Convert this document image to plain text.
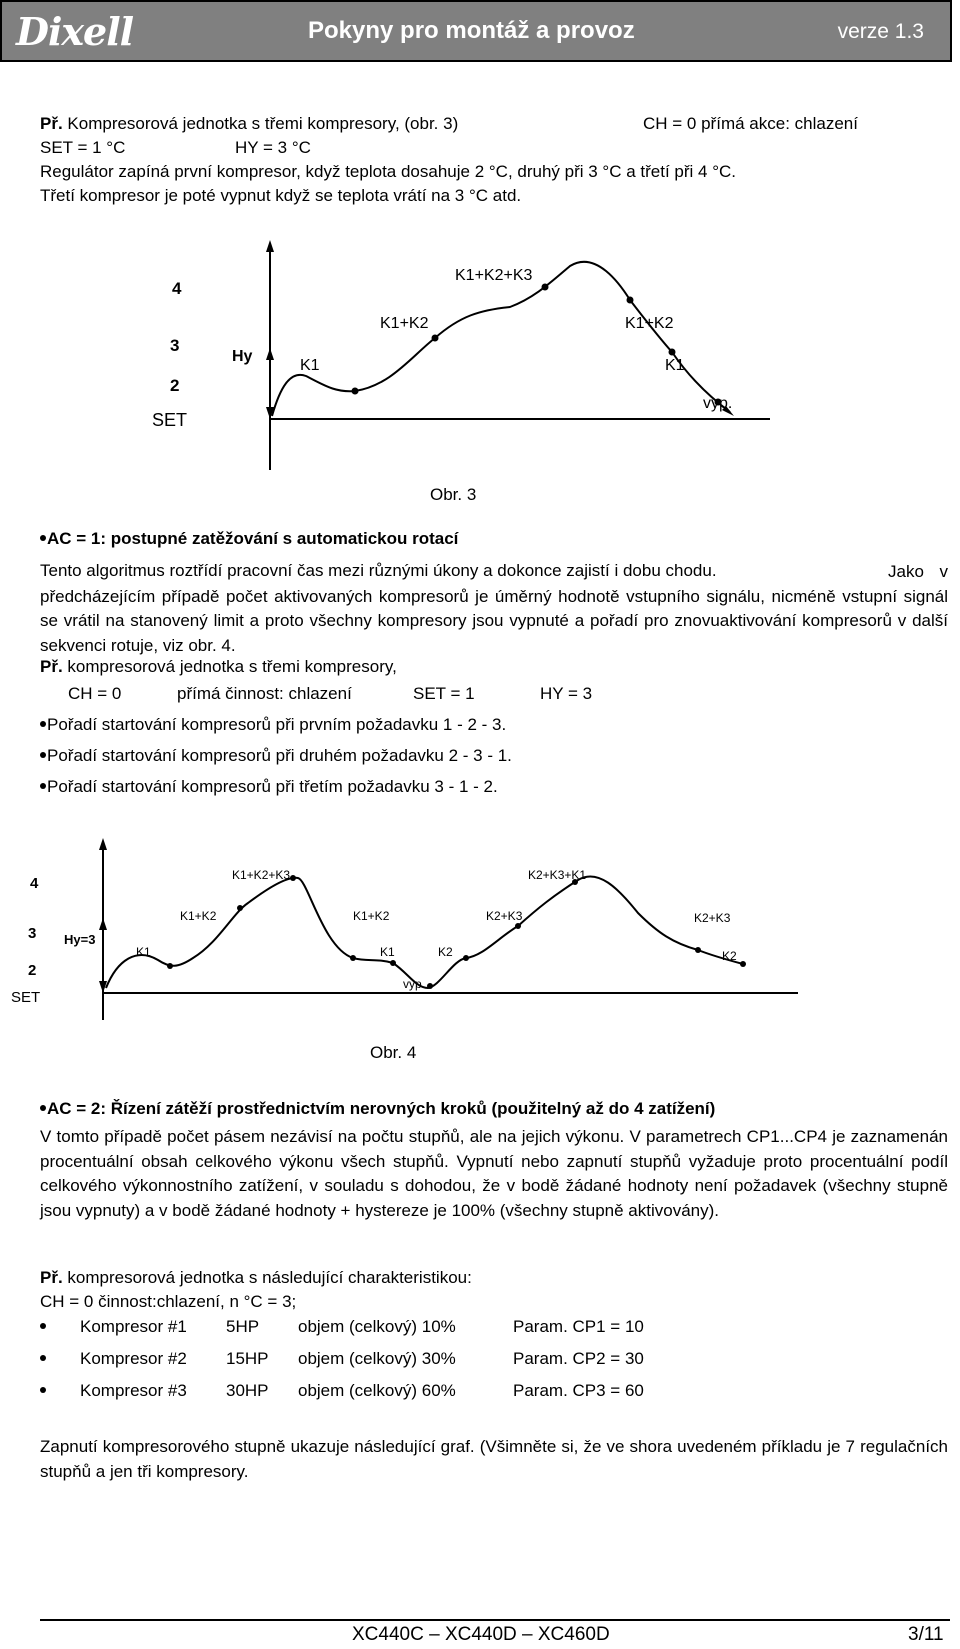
Dixell	Pokyny pro montáž a provoz	verze 1.3
Př. Kompresorová jednotka s třemi kompresory, (obr. 3)	CH = 0 přímá akce: chlazení
SET = 1 °C	HY = 3 °C
Regulátor zapíná první kompresor, když teplota dosahuje 2 °C, druhý při 3 °C a třetí při 4 °C.
Třetí kompresor je poté vypnut když se teplota vrátí na 3 °C atd.
4
3
2
SET
Hy
K1
K1+K2
K1+K2+K3
K1+K2
K1
vyp.
Obr. 3
AC = 1: postupné zatěžování s automatickou rotací
Tento algoritmus roztřídí pracovní čas mezi různými úkony a dokonce zajistí i dobu chodu.	Jako v předcházejícím případě počet aktivovaných kompresorů je úměrný hodnotě vstupního signálu, nicméně vstupní signál se vrátil na stanovený limit a proto všechny kompresory jsou vypnuté a pořadí pro znovuaktivování kompresorů v další sekvenci rotuje, viz obr. 4.
Př. kompresorová jednotka s třemi kompresory,
CH = 0	přímá činnost: chlazení	SET = 1	HY = 3
Pořadí startování kompresorů při prvním požadavku 1 - 2 - 3.
Pořadí startování kompresorů při druhém požadavku 2 - 3 - 1.
Pořadí startování kompresorů při třetím požadavku 3 - 1 - 2.
4
3
2
SET
Hy=3
K1
K1+K2
K1+K2+K3
K1+K2
K1
vyp.
K2
K2+K3
K2+K3+K1
K2+K3
K2
Obr. 4
AC = 2: Řízení zátěží prostřednictvím nerovných kroků (použitelný až do 4 zatížení)
V tomto případě počet pásem nezávisí na počtu stupňů, ale na jejich výkonu. V parametrech CP1...CP4 je zaznamenán procentuální obsah celkového výkonu všech stupňů. Vypnutí nebo zapnutí stupňů vyžaduje proto procentuální podíl celkového výkonnostního zatížení, v souladu s dohodou, že v bodě žádané hodnoty není požadavek (všechny stupně jsou vypnuty) a v bodě žádané hodnoty + hystereze je 100% (všechny stupně aktivovány).
Př. kompresorová jednotka s následující charakteristikou:
CH = 0 činnost:chlazení, n °C = 3;
Kompresor #1 5HP objem (celkový) 10%	Param. CP1 = 10
Kompresor #2 15HP objem (celkový) 30%	Param. CP2 = 30
Kompresor #3 30HP objem (celkový) 60%	Param. CP3 = 60
Zapnutí kompresorového stupně ukazuje následující graf. (Všimněte si, že ve shora uvedeném příkladu je 7 regulačních stupňů a jen tři kompresory.
XC440C – XC440D – XC460D	3/11
